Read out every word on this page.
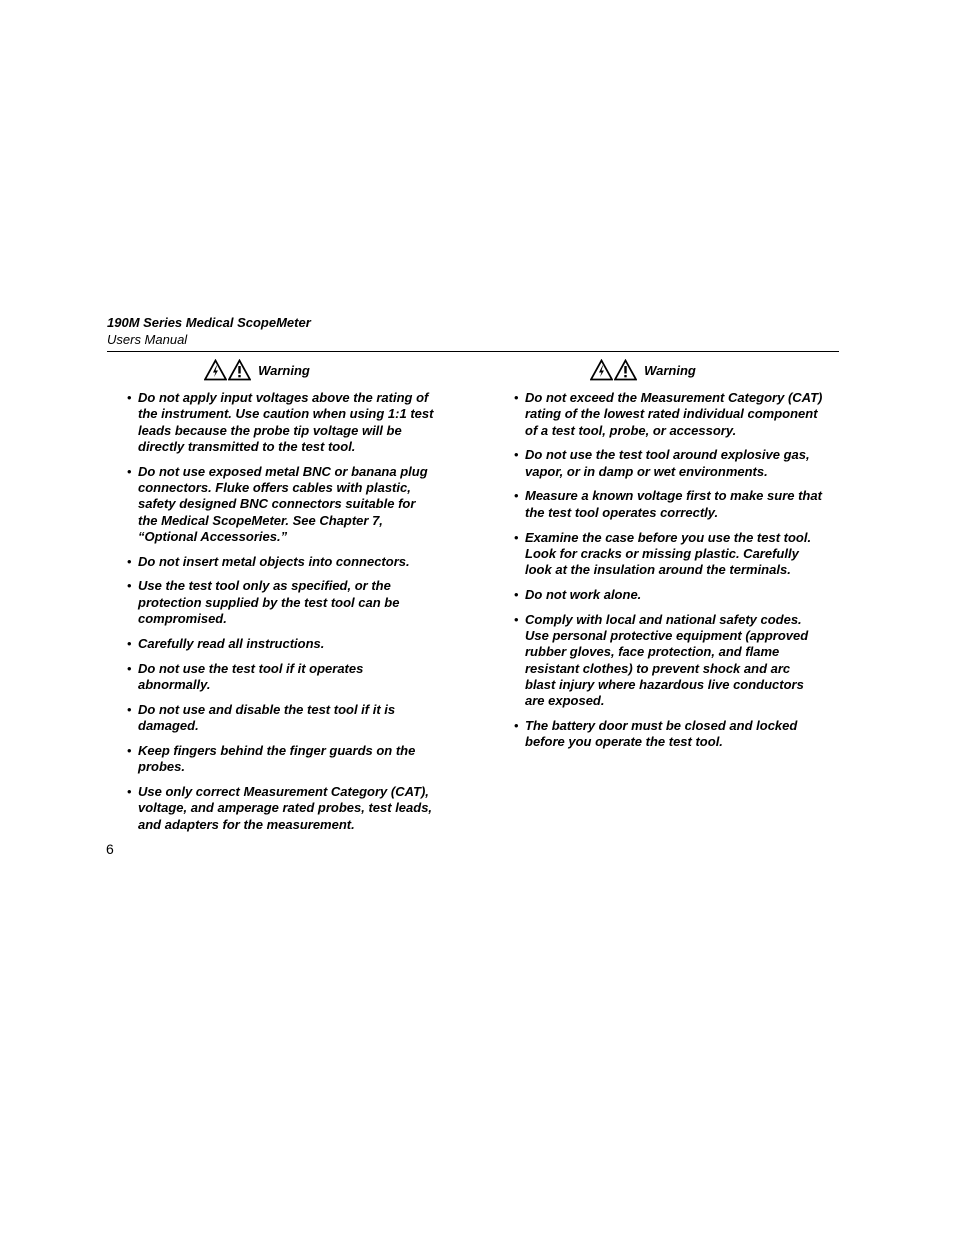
190M Series Medical ScopeMeter
Users Manual
Warning
• Do not apply input voltages above the rating of the instrument. Use caution when using 1:1 test leads because the probe tip voltage will be directly transmitted to the test tool.
• Do not use exposed metal BNC or banana plug connectors. Fluke offers cables with plastic, safety designed BNC connectors suitable for the Medical ScopeMeter. See Chapter 7, “Optional Accessories.”
• Do not insert metal objects into connectors.
• Use the test tool only as specified, or the protection supplied by the test tool can be compromised.
• Carefully read all instructions.
• Do not use the test tool if it operates abnormally.
• Do not use and disable the test tool if it is damaged.
• Keep fingers behind the finger guards on the probes.
• Use only correct Measurement Category (CAT), voltage, and amperage rated probes, test leads, and adapters for the measurement.
Warning
• Do not exceed the Measurement Category (CAT) rating of the lowest rated individual component of a test tool, probe, or accessory.
• Do not use the test tool around explosive gas, vapor, or in damp or wet environments.
• Measure a known voltage first to make sure that the test tool operates correctly.
• Examine the case before you use the test tool. Look for cracks or missing plastic. Carefully look at the insulation around the terminals.
• Do not work alone.
• Comply with local and national safety codes. Use personal protective equipment (approved rubber gloves, face protection, and flame resistant clothes) to prevent shock and arc blast injury where hazardous live conductors are exposed.
• The battery door must be closed and locked before you operate the test tool.
6
